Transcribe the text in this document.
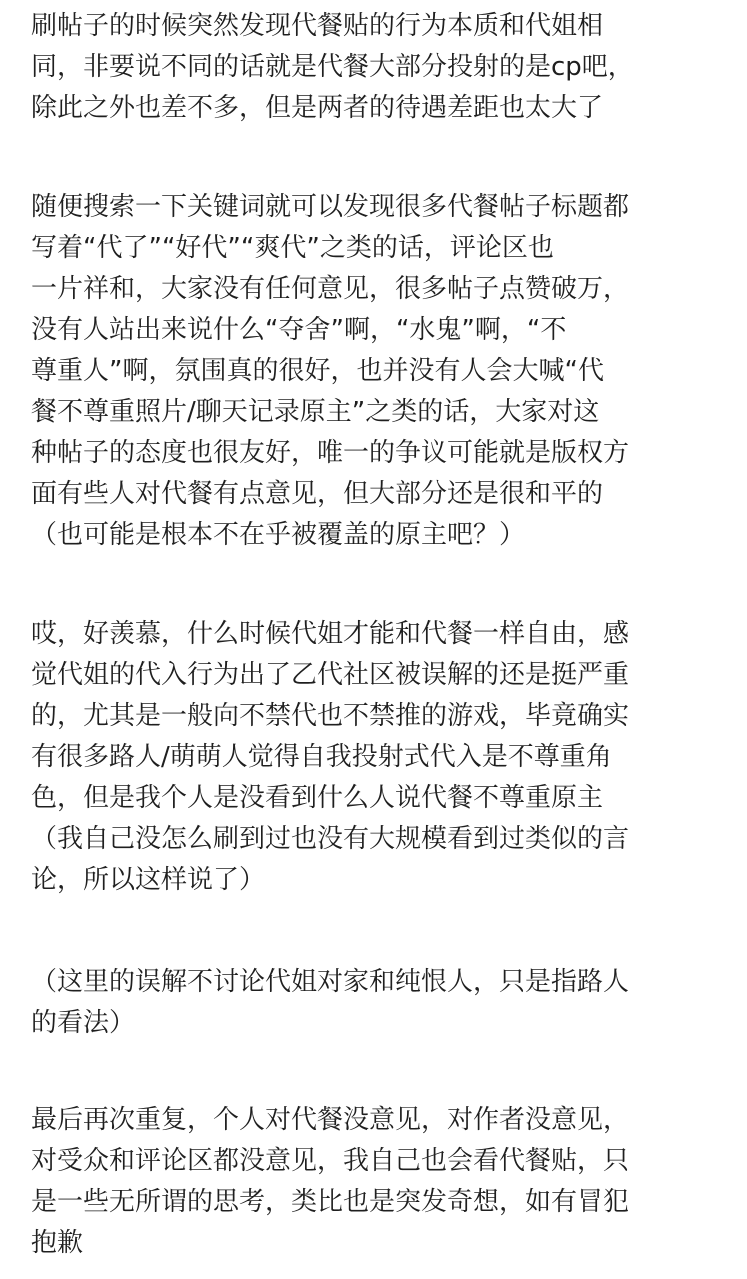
刷帖子的时候突然发现代餐贴的行为本质和代姐相
同，非要说不同的话就是代餐大部分投射的是cp吧，
除此之外也差不多，但是两者的待遇差距也太大了
随便搜索一下关键词就可以发现很多代餐帖子标题都
写着“代了”“好代”“爽代”之类的话，评论区也
一片祥和，大家没有任何意见，很多帖子点赞破万，
没有人站出来说什么“夺舍”啊，“水鬼”啊，“不
尊重人”啊，氛围真的很好，也并没有人会大喊“代
餐不尊重照片/聊天记录原主”之类的话，大家对这
种帖子的态度也很友好，唯一的争议可能就是版权方
面有些人对代餐有点意见，但大部分还是很和平的
（也可能是根本不在乎被覆盖的原主吧？）
哎，好羡慕，什么时候代姐才能和代餐一样自由，感
觉代姐的代入行为出了乙代社区被误解的还是挺严重
的，尤其是一般向不禁代也不禁推的游戏，毕竟确实
有很多路人/萌萌人觉得自我投射式代入是不尊重角
色，但是我个人是没看到什么人说代餐不尊重原主
（我自己没怎么刷到过也没有大规模看到过类似的言
论，所以这样说了）
（这里的误解不讨论代姐对家和纯恨人，只是指路人
的看法）
最后再次重复，个人对代餐没意见，对作者没意见，
对受众和评论区都没意见，我自己也会看代餐贴，只
是一些无所谓的思考，类比也是突发奇想，如有冒犯
抱歉
